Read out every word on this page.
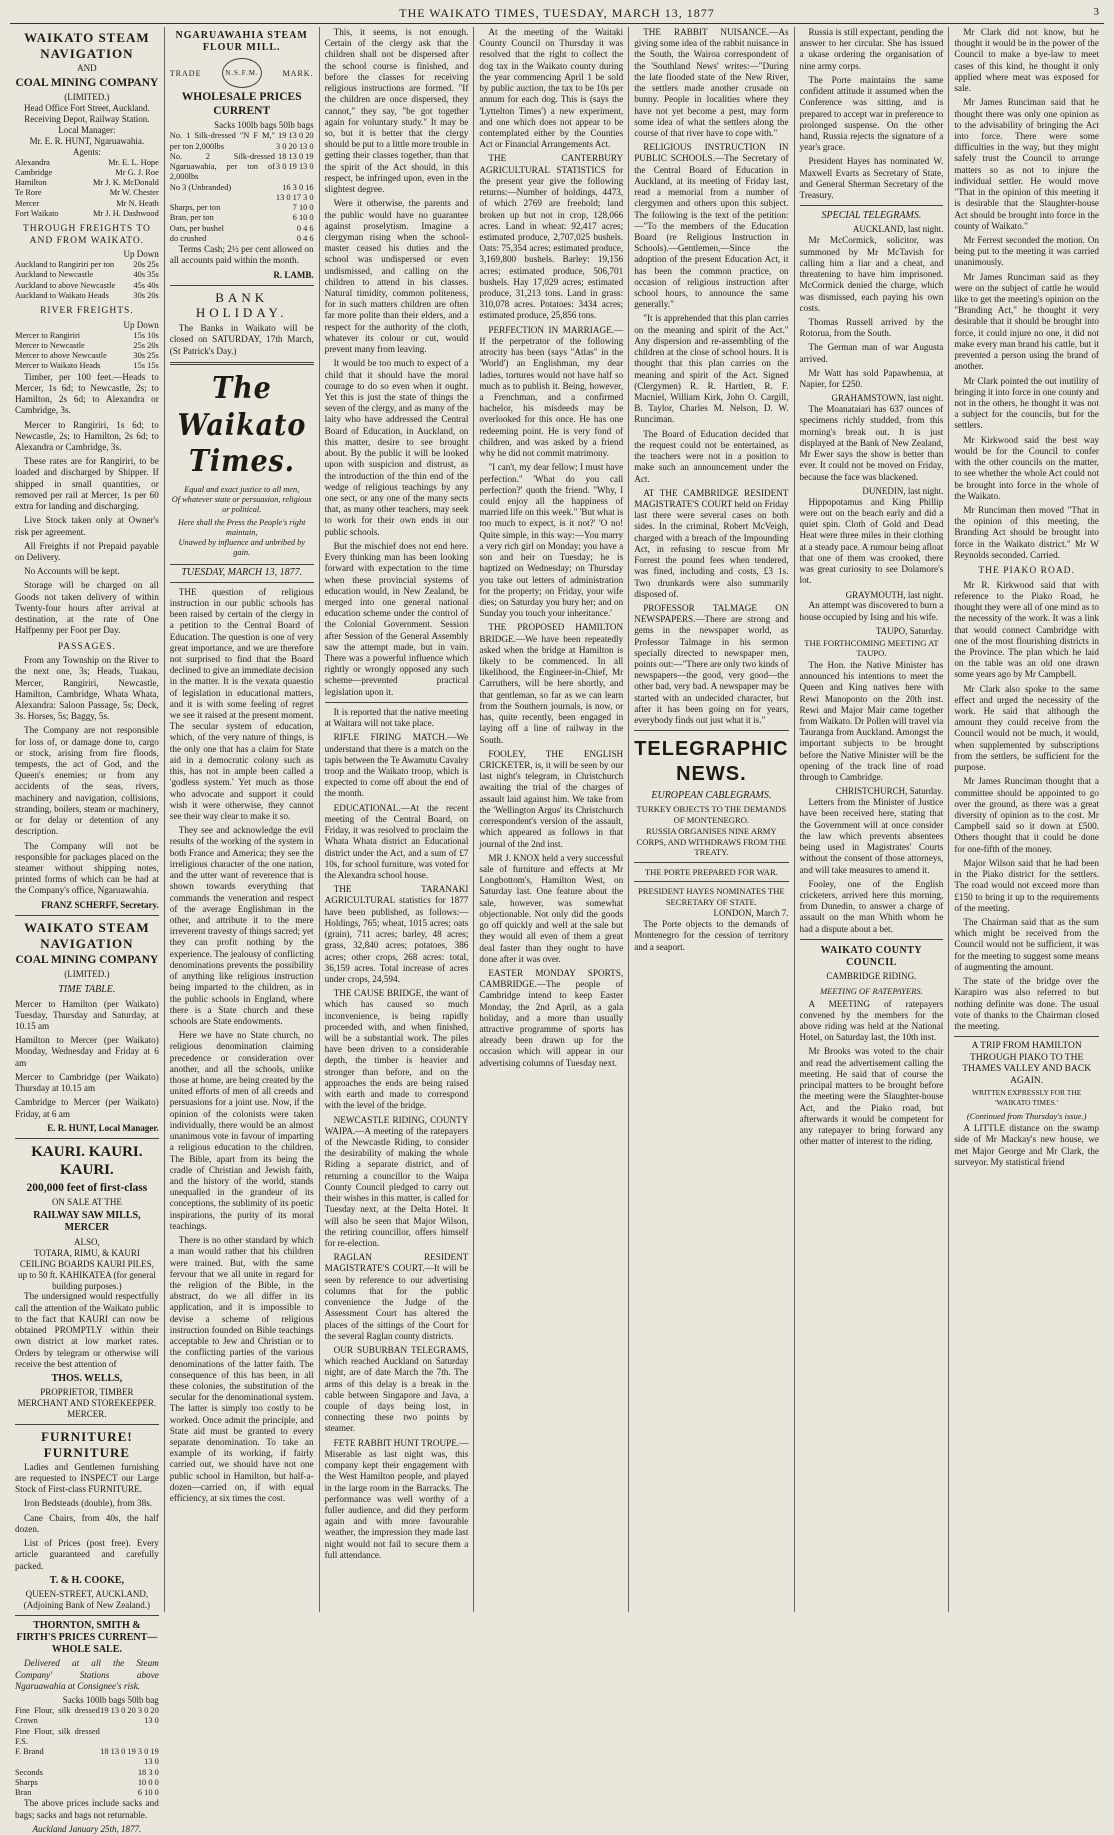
THE WAIKATO TIMES, TUESDAY, MARCH 13, 1877	3
WAIKATO STEAM NAVIGATION
AND
COAL MINING COMPANY
(LIMITED.)
Head Office Fort Street, Auckland.
Receiving Depot, Railway Station.
Local Manager:
Mr. E. R. HUNT, Ngaruawahia.
Agents:
Alexandra	Mr. E. L. Hope
Cambridge	Mr G. J. Roe
Hamilton	Mr J. K. McDonald
Te Rore	Mr W. Chester
Mercer	Mr N. Heath
Fort Waikato	Mr J. H. Dashwood
THROUGH FREIGHTS TO AND FROM WAIKATO.
Up Down
Auckland to Rangiriri per ton	20s 25s
Auckland to Newcastle	40s 35s
Auckland to above Newcastle	45s 40s
Auckland to Waikato Heads	30s 20s
RIVER FREIGHTS.
Up Down
Mercer to Rangiriri	15s 10s
Mercer to Newcastle	25s 20s
Mercer to above Newcastle	30s 25s
Mercer to Waikato Heads	15s 15s

Timber, per 100 feet.—Heads to Mercer, 1s 6d; to Newcastle, 2s; to Hamilton, 2s 6d; to Alexandra or Cambridge, 3s.

Mercer to Rangiriri, 1s 6d; to Newcastle, 2s; to Hamilton, 2s 6d; to Alexandra or Cambridge, 3s.

These rates are for Rangiriri, to be loaded and discharged by Shipper. If shipped in small quantities, or removed per rail at Mercer, 1s per 60 extra for landing and discharging.

Live Stock taken only at Owner's risk per agreement.

All Freights if not Prepaid payable on Delivery.

No Accounts will be kept.

Storage will be charged on all Goods not taken delivery of within Twenty-four hours after arrival at destination, at the rate of One Halfpenny per Foot per Day.

PASSAGES.

From any Township on the River to the next one, 3s; Heads, Tuakau, Mercer, Rangiriri, Newcastle, Hamilton, Cambridge, Whata Whata, Alexandra: Saloon Passage, 5s; Deck, 3s. Horses, 5s; Baggy, 5s.

The Company are not responsible for loss of, or damage done to, cargo or stock, arising from fire floods, tempests, the act of God, and the Queen's enemies; or from any accidents of the seas, rivers, machinery and navigation, collisions, stranding, boilers, steam or machinery, or for delay or detention of any description.

The Company will not be responsible for packages placed on the steamer without shipping notes, printed forms of which can be had at the Company's office, Ngaruawahia.

FRANZ SCHERFF, Secretary.
WAIKATO STEAM NAVIGATION
COAL MINING COMPANY
(LIMITED.)
TIME TABLE.

Mercer to Hamilton (per Waikato) Tuesday, Thursday and Saturday, at 10.15 am

Hamilton to Mercer (per Waikato) Monday, Wednesday and Friday at 6 am

Mercer to Cambridge (per Waikato) Thursday at 10.15 am

Cambridge to Mercer (per Waikato) Friday, at 6 am

E. R. HUNT, Local Manager.
KAURI. KAURI. KAURI.
200,000 feet of first-class
ON SALE AT THE
RAILWAY SAW MILLS, MERCER
ALSO,
TOTARA, RIMU, & KAURI CEILING BOARDS KAURI PILES, up to 50 ft. KAHIKATEA (for general building purposes.)

The undersigned would respectfully call the attention of the Waikato public to the fact that KAURI can now be obtained PROMPTLY within their own district at low market rates. Orders by telegram or otherwise will receive the best attention of

THOS. WELLS,
PROPRIETOR, TIMBER MERCHANT AND STOREKEEPER.
MERCER.
FURNITURE! FURNITURE

Ladies and Gentlemen furnishing are requested to INSPECT our Large Stock of First-class FURNITURE.

Iron Bedsteads (double), from 38s.

Cane Chairs, from 40s, the half dozen.

List of Prices (post free). Every article guaranteed and carefully packed.

T. & H. COOKE,
QUEEN-STREET, AUCKLAND,
(Adjoining Bank of New Zealand.)
THORNTON, SMITH & FIRTH'S PRICES CURRENT—WHOLE SALE.

Delivered at all the Steam Company' Stations above Ngaruawahia at Consignee's risk.

Sacks 100lb bags 50lb bag
Fine Flour, silk dressed Crown	19 13 0 20 3 0 20 13 0
Fine Flour, silk dressed F.S.	
F. Brand	18 13 0 19 3 0 19 13 0
Seconds	18 3 0
Sharps	10 0 0
Bran	6 10 0

The above prices include sacks and bags; sacks and bags not returnable.

Auckland January 25th, 1877.
NGARUAWAHIA STEAM FLOUR MILL.
TRADE	N.S.F.M.	MARK.
WHOLESALE PRICES CURRENT
Sacks 100lb bags 50lb bags
No. 1 Silk-dressed "N F M," per ton 2,000lbs	19 13 0 20 3 0 20 13 0
No. 2 Silk-dressed Ngaruawahia, per ton of 2,000lbs	18 13 0 19 3 0 19 13 0
No 3 (Unbranded)	16 3 0 16 13 0 17 3 0
Sharps, per ton	7 10 0
Bran, per ton	6 10 0
Oats, per bushel	0 4 6
do crushed	0 4 6

Terms Cash; 2½ per cent allowed on all accounts paid within the month.

R. LAMB.
BANK HOLIDAY.

The Banks in Waikato will be closed on SATURDAY, 17th March, (St Patrick's Day.)

The Waikato Times.
Equal and exact justice to all men,
Of whatever state or persuasion, religious or political.
Here shall the Press the People's right maintain,
Unawed by influence and unbribed by gain.
TUESDAY, MARCH 13, 1877.

THE question of religious instruction in our public schools has been raised by certain of the clergy in a petition to the Central Board of Education. The question is one of very great importance, and we are therefore not surprised to find that the Board declined to give an immediate decision in the matter. It is the vexata quaestio of legislation in educational matters, and it is with some feeling of regret we see it raised at the present moment. The secular system of education, which, of the very nature of things, is the only one that has a claim for State aid in a democratic colony such as this, has not in ample been called a 'godless system.' Yet much as those who advocate and support it could wish it were otherwise, they cannot see their way clear to make it so.

They see and acknowledge the evil results of the working of the system in both France and America; they see the irreligious character of the one nation, and the utter want of reverence that is shown towards everything that commands the veneration and respect of the average Englishman in the other, and attribute it to the mere irreverent travesty of things sacred; yet they can profit nothing by the experience. The jealousy of conflicting denominations prevents the possibility of anything like religious instruction being imparted to the children, as in the public schools in England, where there is a State church and these schools are State endowments.

Here we have no State church, no religious denomination claiming precedence or consideration over another, and all the schools, unlike those at home, are being created by the united efforts of men of all creeds and persuasions for a joint use. Now, if the opinion of the colonists were taken individually, there would be an almost unanimous vote in favour of imparting a religious education to the children. The Bible, apart from its being the cradle of Christian and Jewish faith, and the history of the world, stands unequalled in the grandeur of its conceptions, the sublimity of its poetic inspirations, the purity of its moral teachings.

There is no other standard by which a man would rather that his children were trained. But, with the same fervour that we all unite in regard for the religion of the Bible, in the abstract, do we all differ in its application, and it is impossible to devise a scheme of religious instruction founded on Bible teachings acceptable to Jew and Christian or to the conflicting parties of the various denominations of the latter faith. The consequence of this has been, in all these colonies, the substitution of the secular for the denominational system. The latter is simply too costly to be worked. Once admit the principle, and State aid must be granted to every separate denomination. To take an example of its working, if fairly carried out, we should have not one public school in Hamilton, but half-a-dozen—carried on, if with equal efficiency, at six times the cost.

This, it seems, is not enough. Certain of the clergy ask that the children shall not be dispersed after the school course is finished, and before the classes for receiving religious instructions are formed. "If the children are once dispersed, they cannot," they say, "be got together again for voluntary study." It may be so, but it is better that the clergy should be put to a little more trouble in getting their classes together, than that the spirit of the Act should, in this respect, be infringed upon, even in the slightest degree.

Were it otherwise, the parents and the public would have no guarantee against proselytism. Imagine a clergyman rising when the school-master ceased his duties and the school was undispersed or even undismissed, and calling on the children to attend in his classes. Natural timidity, common politeness, for in such matters children are often far more polite than their elders, and a respect for the authority of the cloth, whatever its colour or cut, would prevent many from leaving.

It would be too much to expect of a child that it should have the moral courage to do so even when it ought. Yet this is just the state of things the seven of the clergy, and as many of the laity who have addressed the Central Board of Education, in Auckland, on this matter, desire to see brought about. By the public it will be looked upon with suspicion and distrust, as the introduction of the thin end of the wedge of religious teachings by any one sect, or any one of the many sects that, as many other teachers, may seek to work for their own ends in our public schools.

But the mischief does not end here. Every thinking man has been looking forward with expectation to the time when these provincial systems of education would, in New Zealand, be merged into one general national education scheme under the control of the Colonial Government. Session after Session of the General Assembly saw the attempt made, but in vain. There was a powerful influence which rightly or wrongly opposed any such scheme—prevented practical legislation upon it.

It is reported that the native meeting at Waitara will not take place.

RIFLE FIRING MATCH.—We understand that there is a match on the tapis between the Te Awamutu Cavalry troop and the Waikato troop, which is expected to come off about the end of the month.

EDUCATIONAL.—At the recent meeting of the Central Board, on Friday, it was resolved to proclaim the Whata Whata district an Educational district under the Act, and a sum of £7 10s, for school furniture, was voted for the Alexandra school house.

THE TARANAKI AGRICULTURAL statistics for 1877 have been published, as follows:—Holdings, 765; wheat, 1015 acres; oats (grain), 711 acres; barley, 48 acres; grass, 32,840 acres; potatoes, 386 acres; other crops, 268 acres: total, 36,159 acres. Total increase of acres under crops, 24,594.

THE CAUSE BRIDGE, the want of which has caused so much inconvenience, is being rapidly proceeded with, and when finished, will be a substantial work. The piles have been driven to a considerable depth, the timber is heavier and stronger than before, and on the approaches the ends are being raised with earth and made to correspond with the level of the bridge.

NEWCASTLE RIDING, COUNTY WAIPA.—A meeting of the ratepayers of the Newcastle Riding, to consider the desirability of making the whole Riding a separate district, and of returning a councillor to the Waipa County Council pledged to carry out their wishes in this matter, is called for Tuesday next, at the Delta Hotel. It will also be seen that Major Wilson, the retiring councillor, offers himself for re-election.

RAGLAN RESIDENT MAGISTRATE'S COURT.—It will be seen by reference to our advertising columns that for the public convenience the Judge of the Assessment Court has altered the places of the sittings of the Court for the several Raglan county districts.

OUR SUBURBAN TELEGRAMS, which reached Auckland on Saturday night, are of date March the 7th. The arms of this delay is a break in the cable between Singapore and Java, a couple of days being lost, in connecting these two points by steamer.

FETE RABBIT HUNT TROUPE.—Miserable as last night was, this company kept their engagement with the West Hamilton people, and played in the large room in the Barracks. The performance was well worthy of a fuller audience, and did they perform again and with more favourable weather, the impression they made last night would not fail to secure them a full attendance.

At the meeting of the Waitaki County Council on Thursday it was resolved that the right to collect the dog tax in the Waikato county during the year commencing April 1 be sold by public auction, the tax to be 10s per annum for each dog. This is (says the 'Lyttelton Times') a new experiment, and one which does not appear to be contemplated either by the Counties Act or Financial Arrangements Act.

THE CANTERBURY AGRICULTURAL STATISTICS for the present year give the following returns:—Number of holdings, 4473, of which 2769 are freehold; land broken up but not in crop, 128,066 acres. Land in wheat: 92,417 acres; estimated produce, 2,707,025 bushels. Oats: 75,354 acres; estimated produce, 3,169,800 bushels. Barley: 19,156 acres; estimated produce, 506,701 bushels. Hay 17,029 acres; estimated produce, 31,213 tons. Land in grass: 310,078 acres. Potatoes: 3434 acres; estimated produce, 25,856 tons.

PERFECTION IN MARRIAGE.—If the perpetrator of the following atrocity has been (says "Atlas" in the 'World') an Englishman, my dear ladies, tortures would not have half so much as to publish it. Being, however, a Frenchman, and a confirmed bachelor, his misdeeds may be overlooked for this once. He has one redeeming point. He is very fond of children, and was asked by a friend why he did not commit matrimony.

"I can't, my dear fellow; I must have perfection." 'What do you call perfection?' quoth the friend. "Why, I could enjoy all the happiness of married life on this week." 'But what is too much to expect, is it not?' 'O no! Quite simple, in this way:—You marry a very rich girl on Monday; you have a son and heir on Tuesday; he is baptized on Wednesday; on Thursday you take out letters of administration for the property; on Friday, your wife dies; on Saturday you bury her; and on Sunday you touch your inheritance.'

THE PROPOSED HAMILTON BRIDGE.—We have been repeatedly asked when the bridge at Hamilton is likely to be commenced. In all likelihood, the Engineer-in-Chief, Mr Carruthers, will be here shortly, and that gentleman, so far as we can learn from the Southern journals, is now, or has, quite recently, been engaged in laying off a line of railway in the South.

FOOLEY, THE ENGLISH CRICKETER, is, it will be seen by our last night's telegram, in Christchurch awaiting the trial of the charges of assault laid against him. We take from the 'Wellington Argus' its Christchurch correspondent's version of the assault, which appeared as follows in that journal of the 2nd inst.

MR J. KNOX held a very successful sale of furniture and effects at Mr Longbottom's, Hamilton West, on Saturday last. One feature about the sale, however, was somewhat objectionable. Not only did the goods go off quickly and well at the sale but they would all even of them a great deal faster than they ought to have done after it was over.

EASTER MONDAY SPORTS, CAMBRIDGE.—The people of Cambridge intend to keep Easter Monday, the 2nd April, as a gala holiday, and a more than usually attractive programme of sports has already been drawn up for the occasion which will appear in our advertising columns of Tuesday next.

THE RABBIT NUISANCE.—As giving some idea of the rabbit nuisance in the South, the Wairoa correspondent of the 'Southland News' writes:—"During the late flooded state of the New River, the settlers made another crusade on bunny. People in localities where they have not yet become a pest, may form some idea of what the settlers along the course of that river have to cope with."

RELIGIOUS INSTRUCTION IN PUBLIC SCHOOLS.—The Secretary of the Central Board of Education in Auckland, at its meeting of Friday last, read a memorial from a number of clergymen and others upon this subject. The following is the text of the petition:—"To the members of the Education Board (re Religious Instruction in Schools).—Gentlemen,—Since the adoption of the present Education Act, it has been the common practice, on occasion of religious instruction after school hours, to announce the same generally."

"It is apprehended that this plan carries on the meaning and spirit of the Act." Any dispersion and re-assembling of the children at the close of school hours. It is thought that this plan carries on the meaning and spirit of the Act. Signed (Clergymen) R. R. Hartlett, R. F. Macniel, William Kirk, John O. Cargill, B. Taylor, Charles M. Nelson, D. W. Runciman.

The Board of Education decided that the request could not be entertained, as the teachers were not in a position to make such an announcement under the Act.

AT THE CAMBRIDGE RESIDENT MAGISTRATE'S COURT held on Friday last there were several cases on both sides. In the criminal, Robert McVeigh, charged with a breach of the Impounding Act, in refusing to rescue from Mr Forrest the pound fees when tendered, was fined, including and costs, £3 1s. Two drunkards were also summarily disposed of.

PROFESSOR TALMAGE ON NEWSPAPERS.—There are strong and gems in the newspaper world, as Professor Talmage in his sermon specially directed to newspaper men, points out:—"There are only two kinds of newspapers—the good, very good—the other bad, very bad. A newspaper may be started with an undecided character, but after it has been going on for years, everybody finds out just what it is."

TELEGRAPHIC NEWS.
EUROPEAN CABLEGRAMS.
TURKEY OBJECTS TO THE DEMANDS OF MONTENEGRO.
RUSSIA ORGANISES NINE ARMY CORPS, AND WITHDRAWS FROM THE TREATY.
THE PORTE PREPARED FOR WAR.
PRESIDENT HAYES NOMINATES THE SECRETARY OF STATE.
LONDON, March 7.

The Porte objects to the demands of Montenegro for the cession of territory and a seaport.

Russia is still expectant, pending the answer to her circular. She has issued a ukase ordering the organisation of nine army corps.

The Porte maintains the same confident attitude it assumed when the Conference was sitting, and is prepared to accept war in preference to prolonged suspense. On the other hand, Russia rejects the signature of a year's grace.

President Hayes has nominated W. Maxwell Evarts as Secretary of State, and General Sherman Secretary of the Treasury.

SPECIAL TELEGRAMS.
AUCKLAND, last night.

Mr McCormick, solicitor, was summoned by Mr McTavish for calling him a liar and a cheat, and threatening to have him imprisoned. McCormick denied the charge, which was dismissed, each paying his own costs.

Thomas Russell arrived by the Rotorua, from the South.

The German man of war Augusta arrived.

Mr Watt has sold Papawhenua, at Napier, for £250.

GRAHAMSTOWN, last night.

The Moanataiari has 637 ounces of specimens richly studded, from this morning's break out. It is just displayed at the Bank of New Zealand, Mr Ewer says the show is better than ever. It could not be moved on Friday, because the face was blackened.

DUNEDIN, last night.

Hippopotamus and King Phillip were out on the beach early and did a quiet spin. Cloth of Gold and Dead Heat were three miles in their clothing at a steady pace. A rumour being afloat that one of them was crooked, there was great curiosity to see Dolamore's lot.

GRAYMOUTH, last night.

An attempt was discovered to burn a house occupied by Ising and his wife.

TAUPO, Saturday.
THE FORTHCOMING MEETING AT TAUPO.

The Hon. the Native Minister has announced his intentions to meet the Queen and King natives here with Rewi Manoponto on the 20th inst. Rewi and Major Mair came together from Waikato. Dr Pollen will travel via Tauranga from Auckland. Amongst the important subjects to be brought before the Native Minister will be the opening of the track line of road through to Cambridge.

CHRISTCHURCH, Saturday.

Letters from the Minister of Justice have been received here, stating that the Government will at once consider the law which prevents absentees being used in Magistrates' Courts without the consent of those attorneys, and will take measures to amend it.

Fooley, one of the English cricketers, arrived here this morning, from Dunedin, to answer a charge of assault on the man Whith whom he had a dispute about a bet.

WAIKATO COUNTY COUNCIL
CAMBRIDGE RIDING.
MEETING OF RATEPAYERS.

A MEETING of ratepayers convened by the members for the above riding was held at the National Hotel, on Saturday last, the 10th inst.

Mr Brooks was voted to the chair and read the advertisement calling the meeting. He said that of course the principal matters to be brought before the meeting were the Slaughter-house Act, and the Piako road, but afterwards it would be competent for any ratepayer to bring forward any other matter of interest to the riding.

Mr Clark did not know, but he thought it would be in the power of the Council to make a bye-law to meet cases of this kind, he thought it only applied where meat was exposed for sale.

Mr James Runciman said that he thought there was only one opinion as to the advisability of bringing the Act into force. There were some difficulties in the way, but they might safely trust the Council to arrange matters so as not to injure the individual settler. He would move "That in the opinion of this meeting it is desirable that the Slaughter-house Act should be brought into force in the county of Waikato."

Mr Ferrest seconded the motion. On being put to the meeting it was carried unanimously.

Mr James Runciman said as they were on the subject of cattle he would like to get the meeting's opinion on the "Branding Act," he thought it very desirable that it should be brought into force, it could injure no one, it did not make every man brand his cattle, but it prevented a person using the brand of another.

Mr Clark pointed the out inutility of bringing it into force in one county and not in the others, he thought it was not a subject for the councils, but for the settlers.

Mr Kirkwood said the best way would be for the Council to confer with the other councils on the matter, to see whether the whole Act could not be brought into force in the whole of the Waikato.

Mr Runciman then moved "That in the opinion of this meeting, the Branding Act should be brought into force in the Waikato district." Mr W Reynolds seconded. Carried.

THE PIAKO ROAD.

Mr R. Kirkwood said that with reference to the Piako Road, he thought they were all of one mind as to the necessity of the work. It was a link that would connect Cambridge with one of the most flourishing districts in the Province. The plan which he laid on the table was an old one drawn some years ago by Mr Campbell.

Mr Clark also spoke to the same effect and urged the necessity of the work. He said that although the amount they could receive from the Council would not be much, it would, when supplemented by subscriptions from the settlers, be sufficient for the purpose.

Mr James Runciman thought that a committee should be appointed to go over the ground, as there was a great diversity of opinion as to the cost. Mr Campbell said so it down at £500. Others thought that it could be done for one-fifth of the money.

Major Wilson said that he had been in the Piako district for the settlers. The road would not exceed more than £150 to bring it up to the requirements of the meeting.

The Chairman said that as the sum which might be received from the Council would not be sufficient, it was for the meeting to suggest some means of augmenting the amount.

The state of the bridge over the Karapiro was also referred to but nothing definite was done. The usual vote of thanks to the Chairman closed the meeting.

A TRIP FROM HAMILTON THROUGH PIAKO TO THE THAMES VALLEY AND BACK AGAIN.
WRITTEN EXPRESSLY FOR THE 'WAIKATO TIMES.'
(Continued from Thursday's issue.)

A LITTLE distance on the swamp side of Mr Mackay's new house, we met Major George and Mr Clark, the surveyor. My statistical friend
